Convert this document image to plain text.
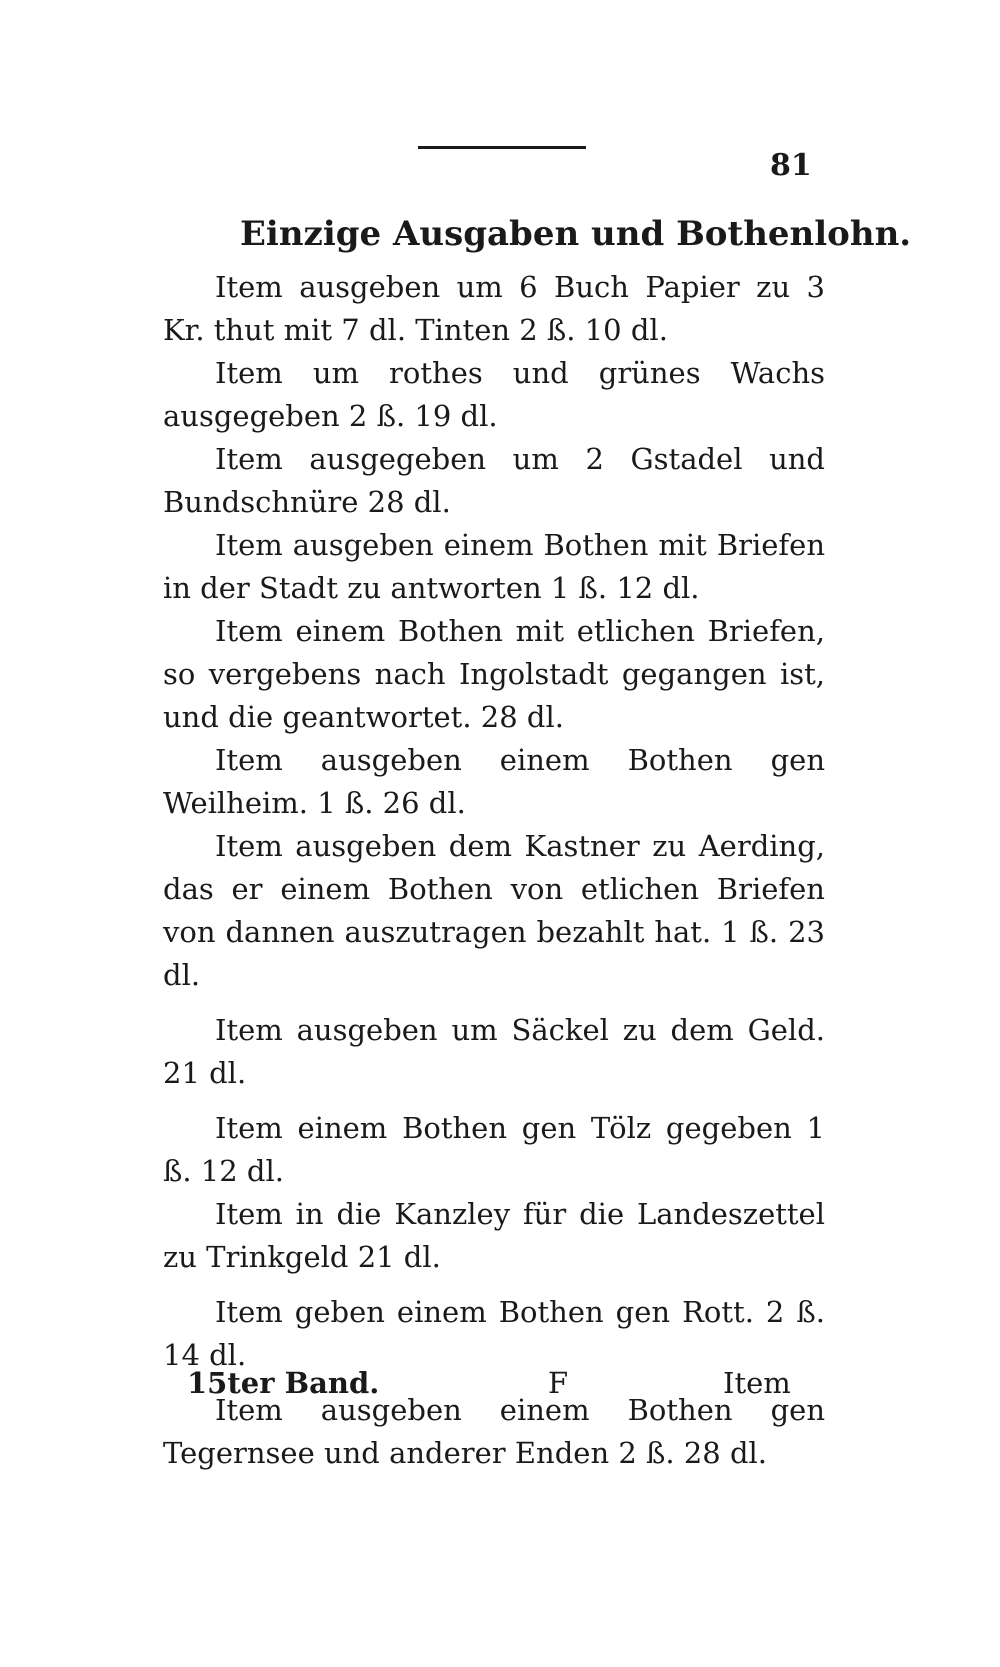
81
Einzige Ausgaben und Bothenlohn.

Item ausgeben um 6 Buch Papier zu 3 Kr. thut mit 7 dl. Tinten 2 ß. 10 dl.

Item um rothes und grünes Wachs ausgegeben 2 ß. 19 dl.

Item ausgegeben um 2 Gstadel und Bundschnüre 28 dl.

Item ausgeben einem Bothen mit Briefen in der Stadt zu antworten 1 ß. 12 dl.

Item einem Bothen mit etlichen Briefen, so vergebens nach Ingolstadt gegangen ist, und die geantwortet. 28 dl.

Item ausgeben einem Bothen gen Weilheim. 1 ß. 26 dl.

Item ausgeben dem Kastner zu Aerding, das er einem Bothen von etlichen Briefen von dannen auszutragen bezahlt hat. 1 ß. 23 dl.

Item ausgeben um Säckel zu dem Geld. 21 dl.

Item einem Bothen gen Tölz gegeben 1 ß. 12 dl.

Item in die Kanzley für die Landeszettel zu Trinkgeld 21 dl.

Item geben einem Bothen gen Rott. 2 ß. 14 dl.

Item ausgeben einem Bothen gen Tegernsee und anderer Enden 2 ß. 28 dl.

15ter Band.	F	Item
